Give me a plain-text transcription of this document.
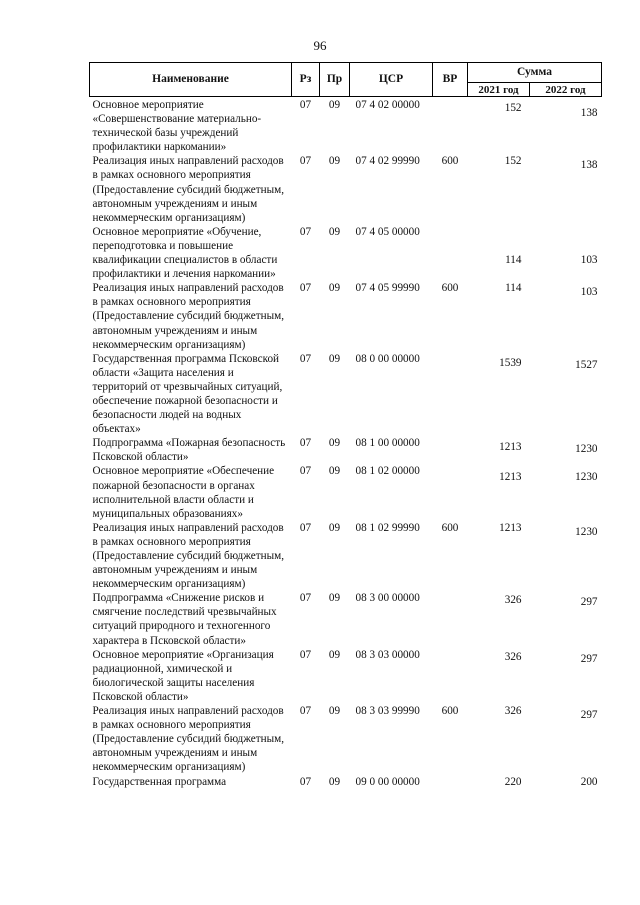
96
Наименование	Рз	Пр	ЦСР	ВР	Сумма	
					2021 год	2022 год
Основное мероприятие «Совершенствование материально-технической базы учреждений профилактики наркомании»	07	09	07 4 02 00000		152	138
Реализация иных направлений расходов в рамках основного мероприятия (Предоставление субсидий бюджетным, автономным учреждениям и иным некоммерческим организациям)	07	09	07 4 02 99990	600	152	138
Основное мероприятие «Обучение, переподготовка и повышение квалификации специалистов в области профилактики и лечения наркомании»	07	09	07 4 05 00000		114	103
Реализация иных направлений расходов в рамках основного мероприятия (Предоставление субсидий бюджетным, автономным учреждениям и иным некоммерческим организациям)	07	09	07 4 05 99990	600	114	103
Государственная программа Псковской области «Защита населения и территорий от чрезвычайных ситуаций, обеспечение пожарной безопасности и безопасности людей на водных объектах»	07	09	08 0 00 00000		1539	1527
Подпрограмма «Пожарная безопасность Псковской области»	07	09	08 1 00 00000		1213	1230
Основное мероприятие «Обеспечение пожарной безопасности в органах исполнительной власти области и муниципальных образованиях»	07	09	08 1 02 00000		1213	1230
Реализация иных направлений расходов в рамках основного мероприятия (Предоставление субсидий бюджетным, автономным учреждениям и иным некоммерческим организациям)	07	09	08 1 02 99990	600	1213	1230
Подпрограмма «Снижение рисков и смягчение последствий чрезвычайных ситуаций природного и техногенного характера в Псковской области»	07	09	08 3 00 00000		326	297
Основное мероприятие «Организация радиационной, химической и биологической защиты населения Псковской области»	07	09	08 3 03 00000		326	297
Реализация иных направлений расходов в рамках основного мероприятия (Предоставление субсидий бюджетным, автономным учреждениям и иным некоммерческим организациям)	07	09	08 3 03 99990	600	326	297
Государственная программа	07	09	09 0 00 00000		220	200
